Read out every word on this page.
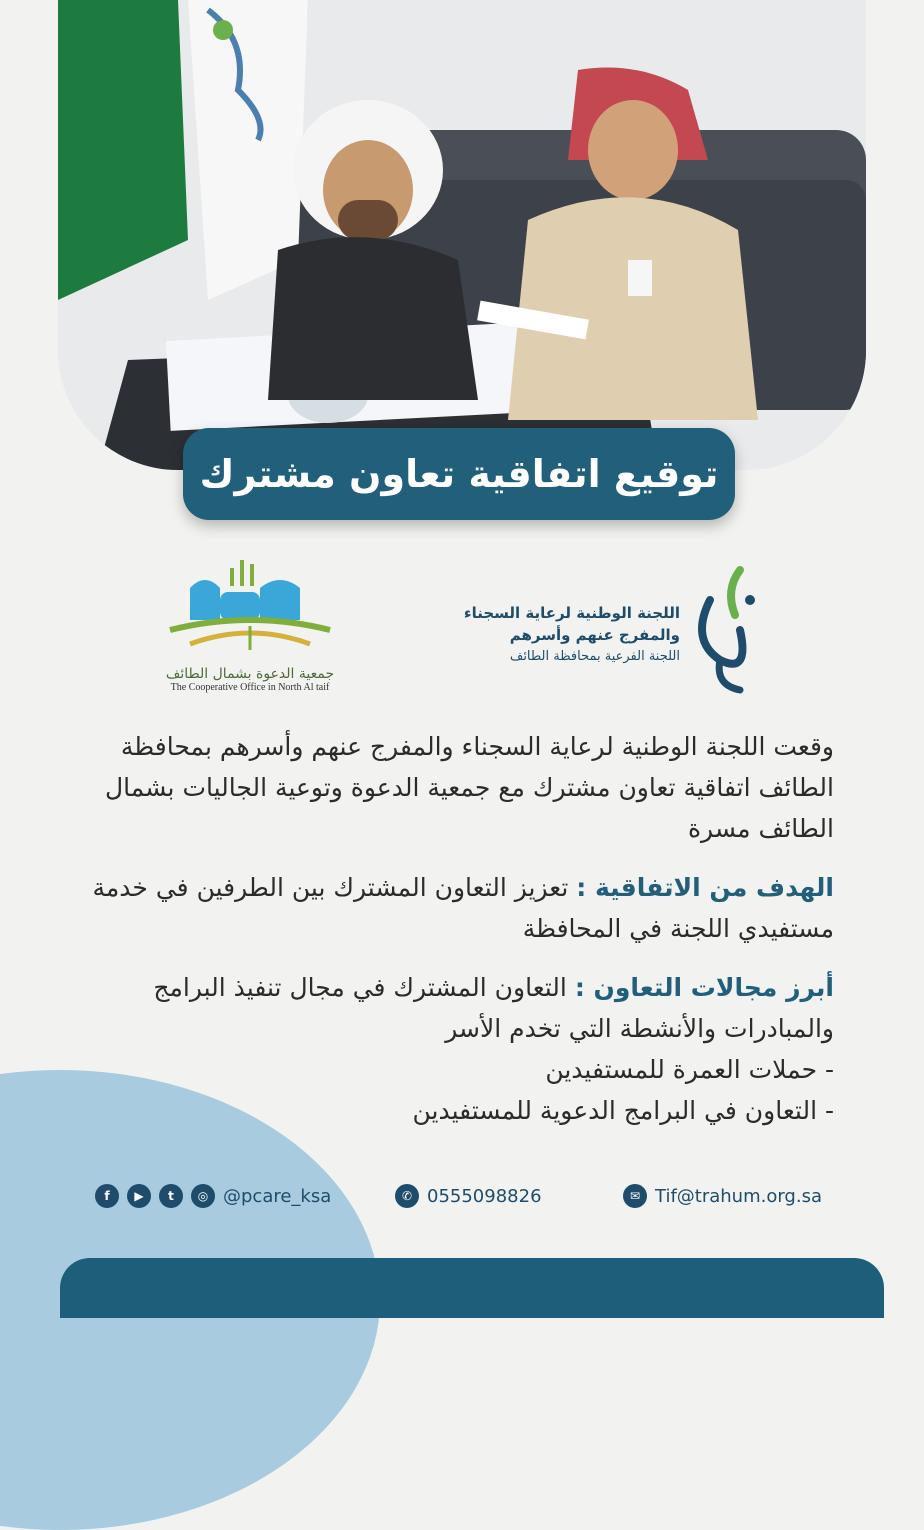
توقيع اتفاقية تعاون مشترك
اللجنة الوطنية لرعاية السجناء
والمفرج عنهم وأسرهم
اللجنة الفرعية بمحافظة الطائف
جمعية الدعوة بشمال الطائف
The Cooperative Office in North Al taif

وقعت اللجنة الوطنية لرعاية السجناء والمفرج عنهم وأسرهم بمحافظة الطائف اتفاقية تعاون مشترك مع جمعية الدعوة وتوعية الجاليات بشمال الطائف مسرة

الهدف من الاتفاقية : تعزيز التعاون المشترك بين الطرفين في خدمة مستفيدي اللجنة في المحافظة

أبرز مجالات التعاون : التعاون المشترك في مجال تنفيذ البرامج والمبادرات والأنشطة التي تخدم الأسر

- حملات العمرة للمستفيدين

- التعاون في البرامج الدعوية للمستفيدين

f	▶	t	◎ @pcare_ksa	✆ 0555098826	✉ Tif@trahum.org.sa
